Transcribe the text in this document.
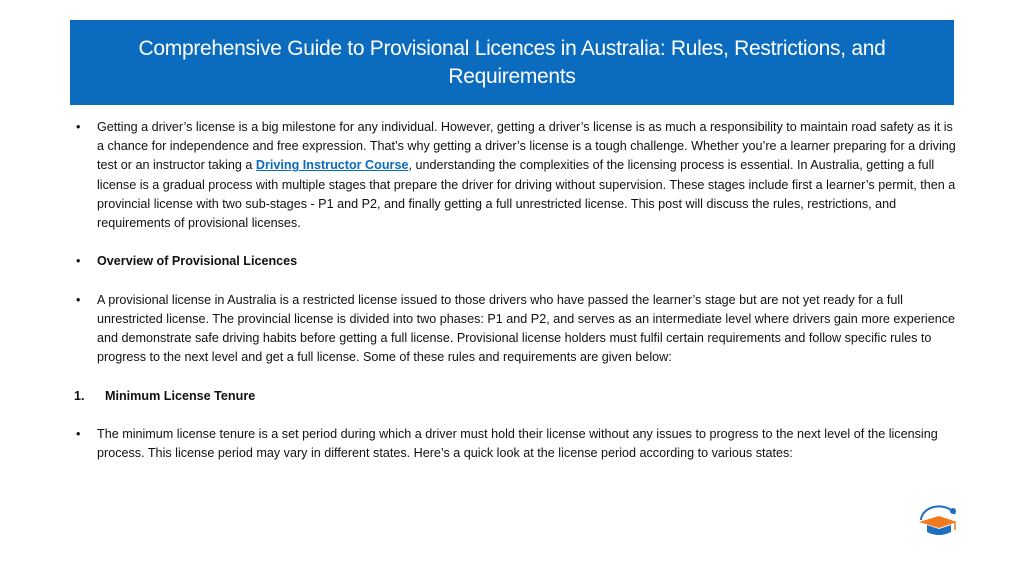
Comprehensive Guide to Provisional Licences in Australia: Rules, Restrictions, and Requirements
•	Getting a driver’s license is a big milestone for any individual. However, getting a driver’s license is as much a responsibility to maintain road safety as it is a chance for independence and free expression. That’s why getting a driver’s license is a tough challenge. Whether you’re a learner preparing for a driving test or an instructor taking a Driving Instructor Course, understanding the complexities of the licensing process is essential. In Australia, getting a full license is a gradual process with multiple stages that prepare the driver for driving without supervision. These stages include first a learner’s permit, then a provincial license with two sub-stages - P1 and P2, and finally getting a full unrestricted license. This post will discuss the rules, restrictions, and requirements of provisional licenses.
•	Overview of Provisional Licences
•	A provisional license in Australia is a restricted license issued to those drivers who have passed the learner’s stage but are not yet ready for a full unrestricted license. The provincial license is divided into two phases: P1 and P2, and serves as an intermediate level where drivers gain more experience and demonstrate safe driving habits before getting a full license. Provisional license holders must fulfil certain requirements and follow specific rules to progress to the next level and get a full license. Some of these rules and requirements are given below:
1.	Minimum License Tenure
•	The minimum license tenure is a set period during which a driver must hold their license without any issues to progress to the next level of the licensing process. This license period may vary in different states. Here’s a quick look at the license period according to various states:
